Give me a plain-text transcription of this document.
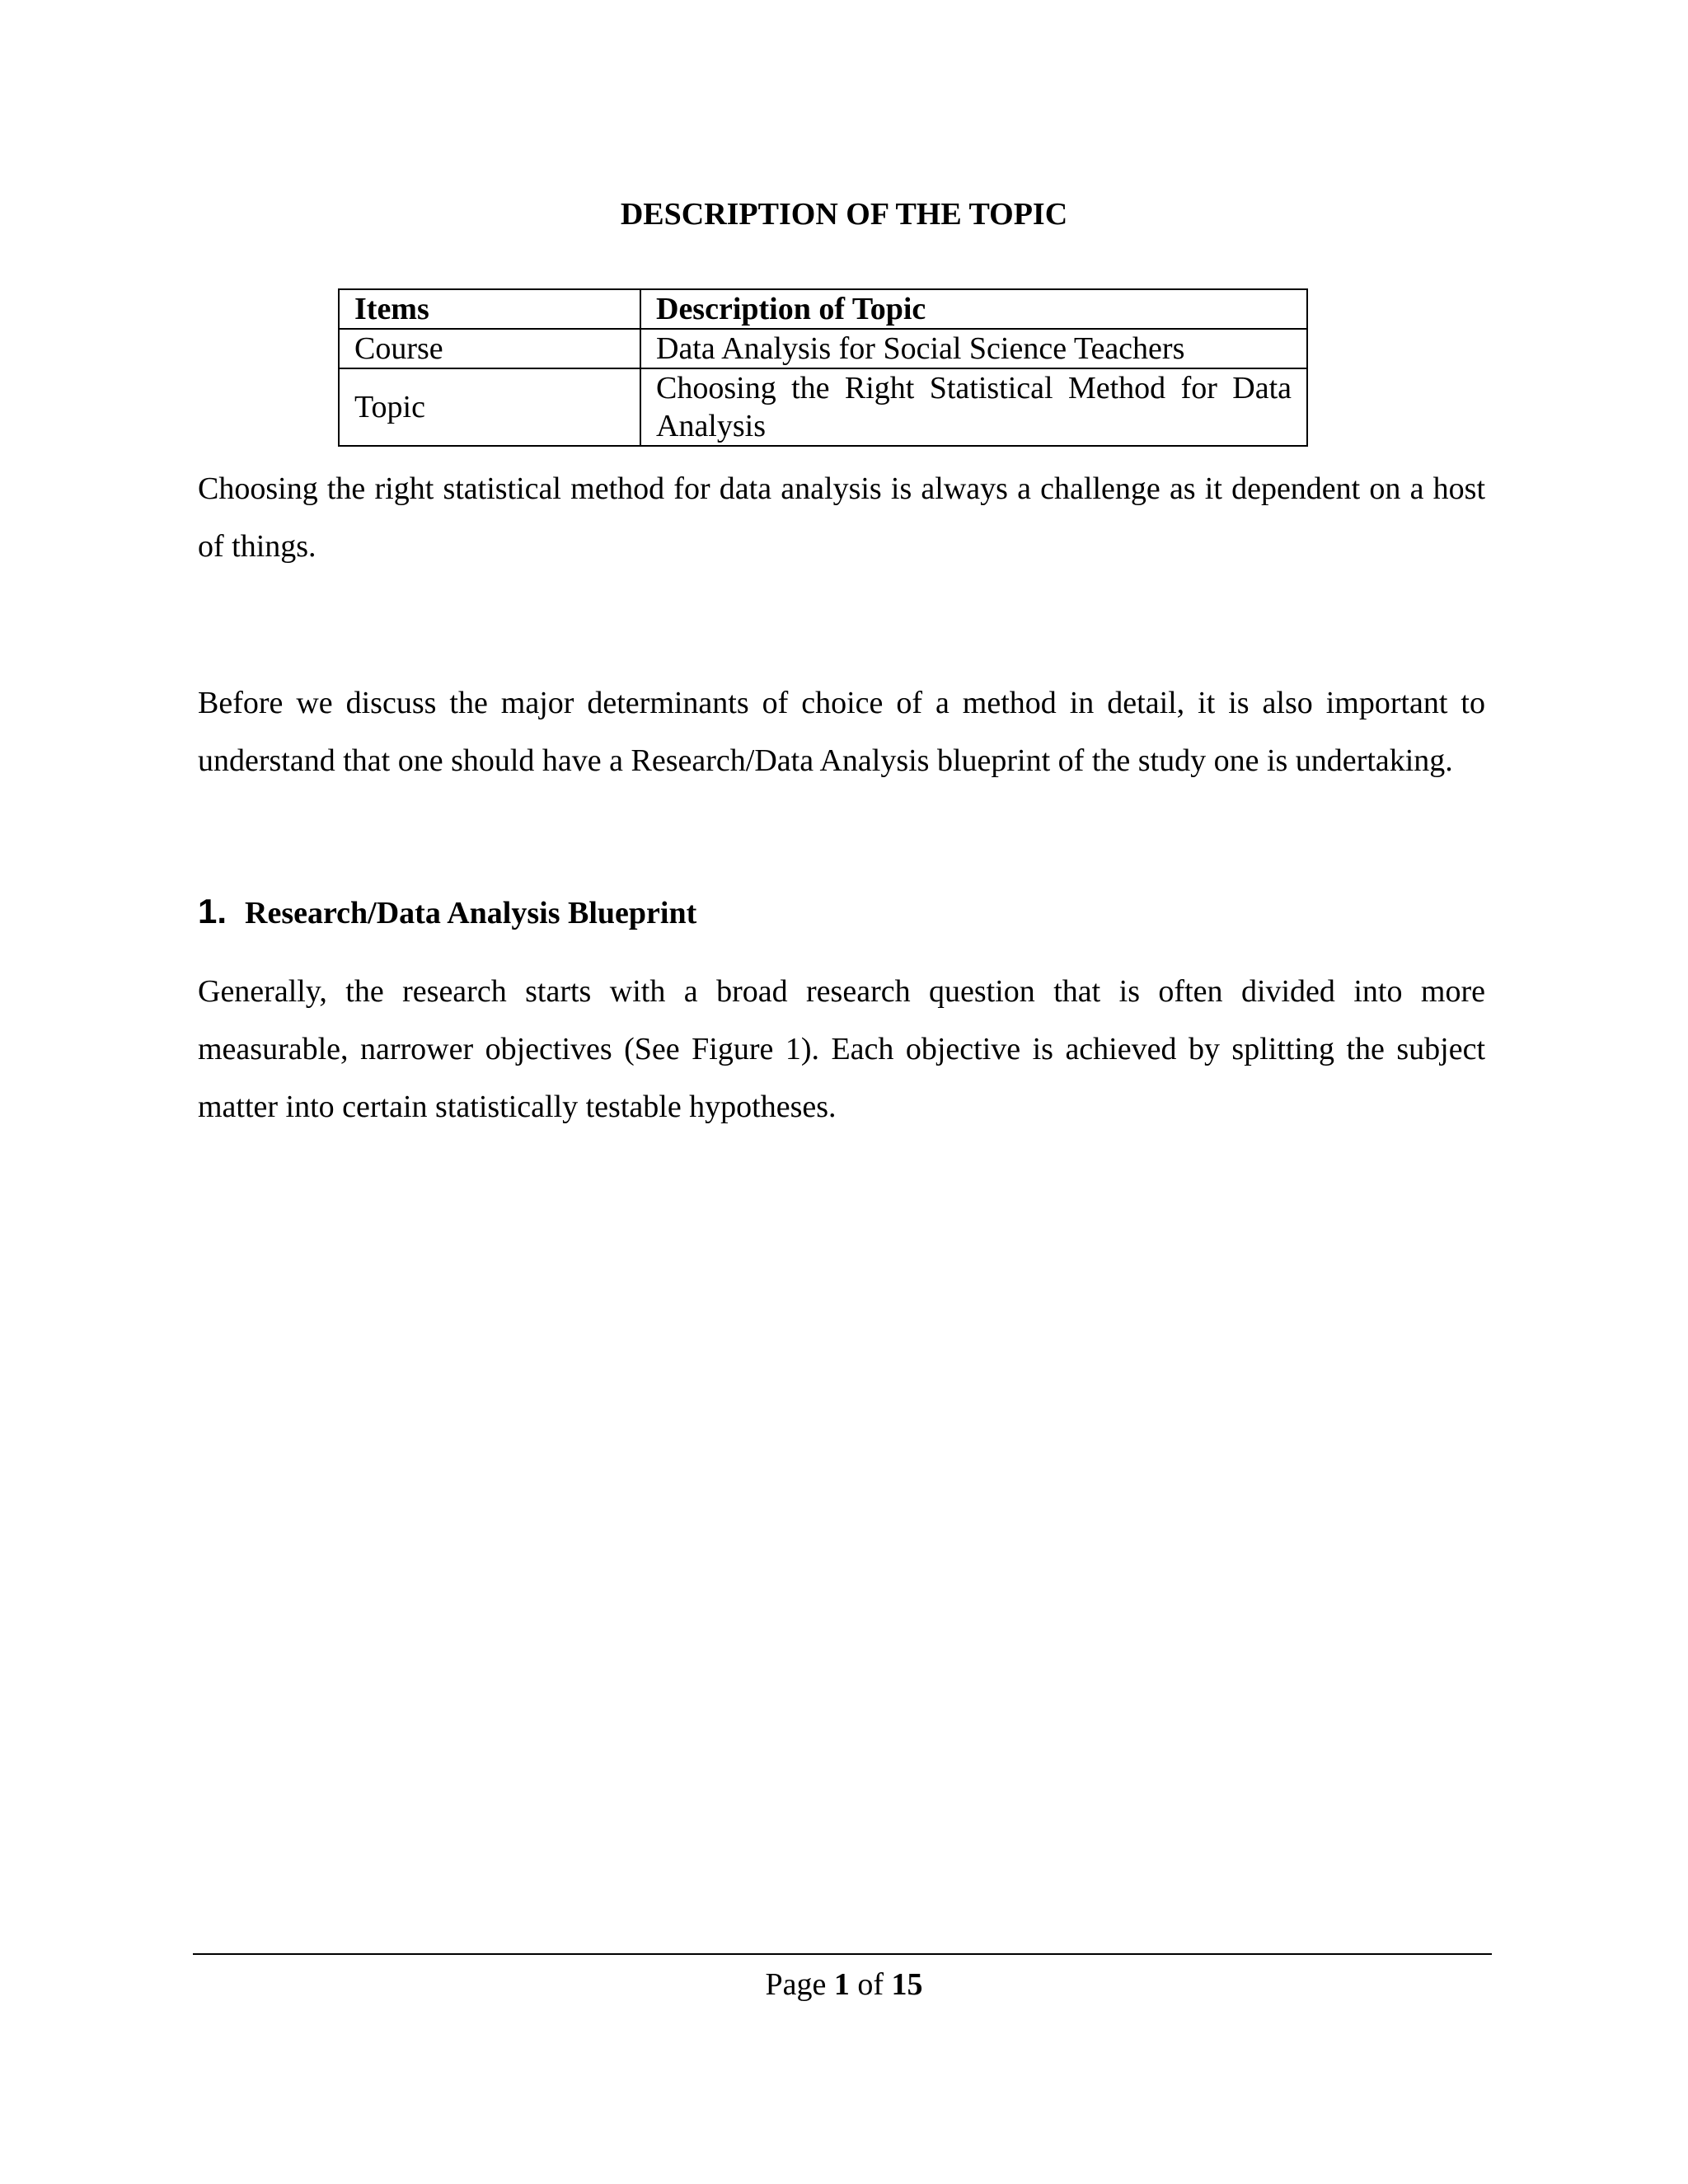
DESCRIPTION OF THE TOPIC
Items	Description of Topic
Course	Data Analysis for Social Science Teachers
Topic	Choosing the Right Statistical Method for Data Analysis

Choosing the right statistical method for data analysis is always a challenge as it dependent on a host of things.

Before we discuss the major determinants of choice of a method in detail, it is also important to understand that one should have a Research/Data Analysis blueprint of the study one is undertaking.

1. Research/Data Analysis Blueprint

Generally, the research starts with a broad research question that is often divided into more measurable, narrower objectives (See Figure 1). Each objective is achieved by splitting the subject matter into certain statistically testable hypotheses.

Page 1 of 15
